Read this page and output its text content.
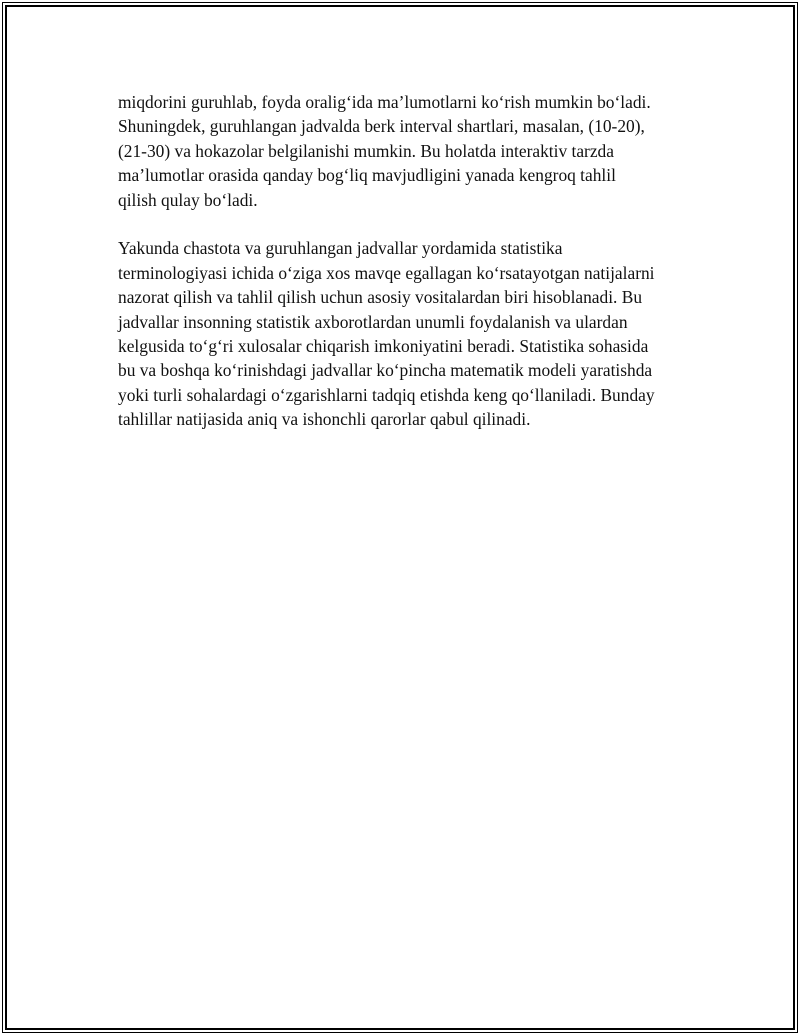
miqdorini guruhlab, foyda oralig‘ida ma’lumotlarni ko‘rish mumkin bo‘ladi.

Shuningdek, guruhlangan jadvalda berk interval shartlari, masalan, (10-20),

(21-30) va hokazolar belgilanishi mumkin. Bu holatda interaktiv tarzda

ma’lumotlar orasida qanday bog‘liq mavjudligini yanada kengroq tahlil

qilish qulay bo‘ladi.

Yakunda chastota va guruhlangan jadvallar yordamida statistika

terminologiyasi ichida o‘ziga xos mavqe egallagan ko‘rsatayotgan natijalarni

nazorat qilish va tahlil qilish uchun asosiy vositalardan biri hisoblanadi. Bu

jadvallar insonning statistik axborotlardan unumli foydalanish va ulardan

kelgusida to‘g‘ri xulosalar chiqarish imkoniyatini beradi. Statistika sohasida

bu va boshqa ko‘rinishdagi jadvallar ko‘pincha matematik modeli yaratishda

yoki turli sohalardagi o‘zgarishlarni tadqiq etishda keng qo‘llaniladi. Bunday

tahlillar natijasida aniq va ishonchli qarorlar qabul qilinadi.
